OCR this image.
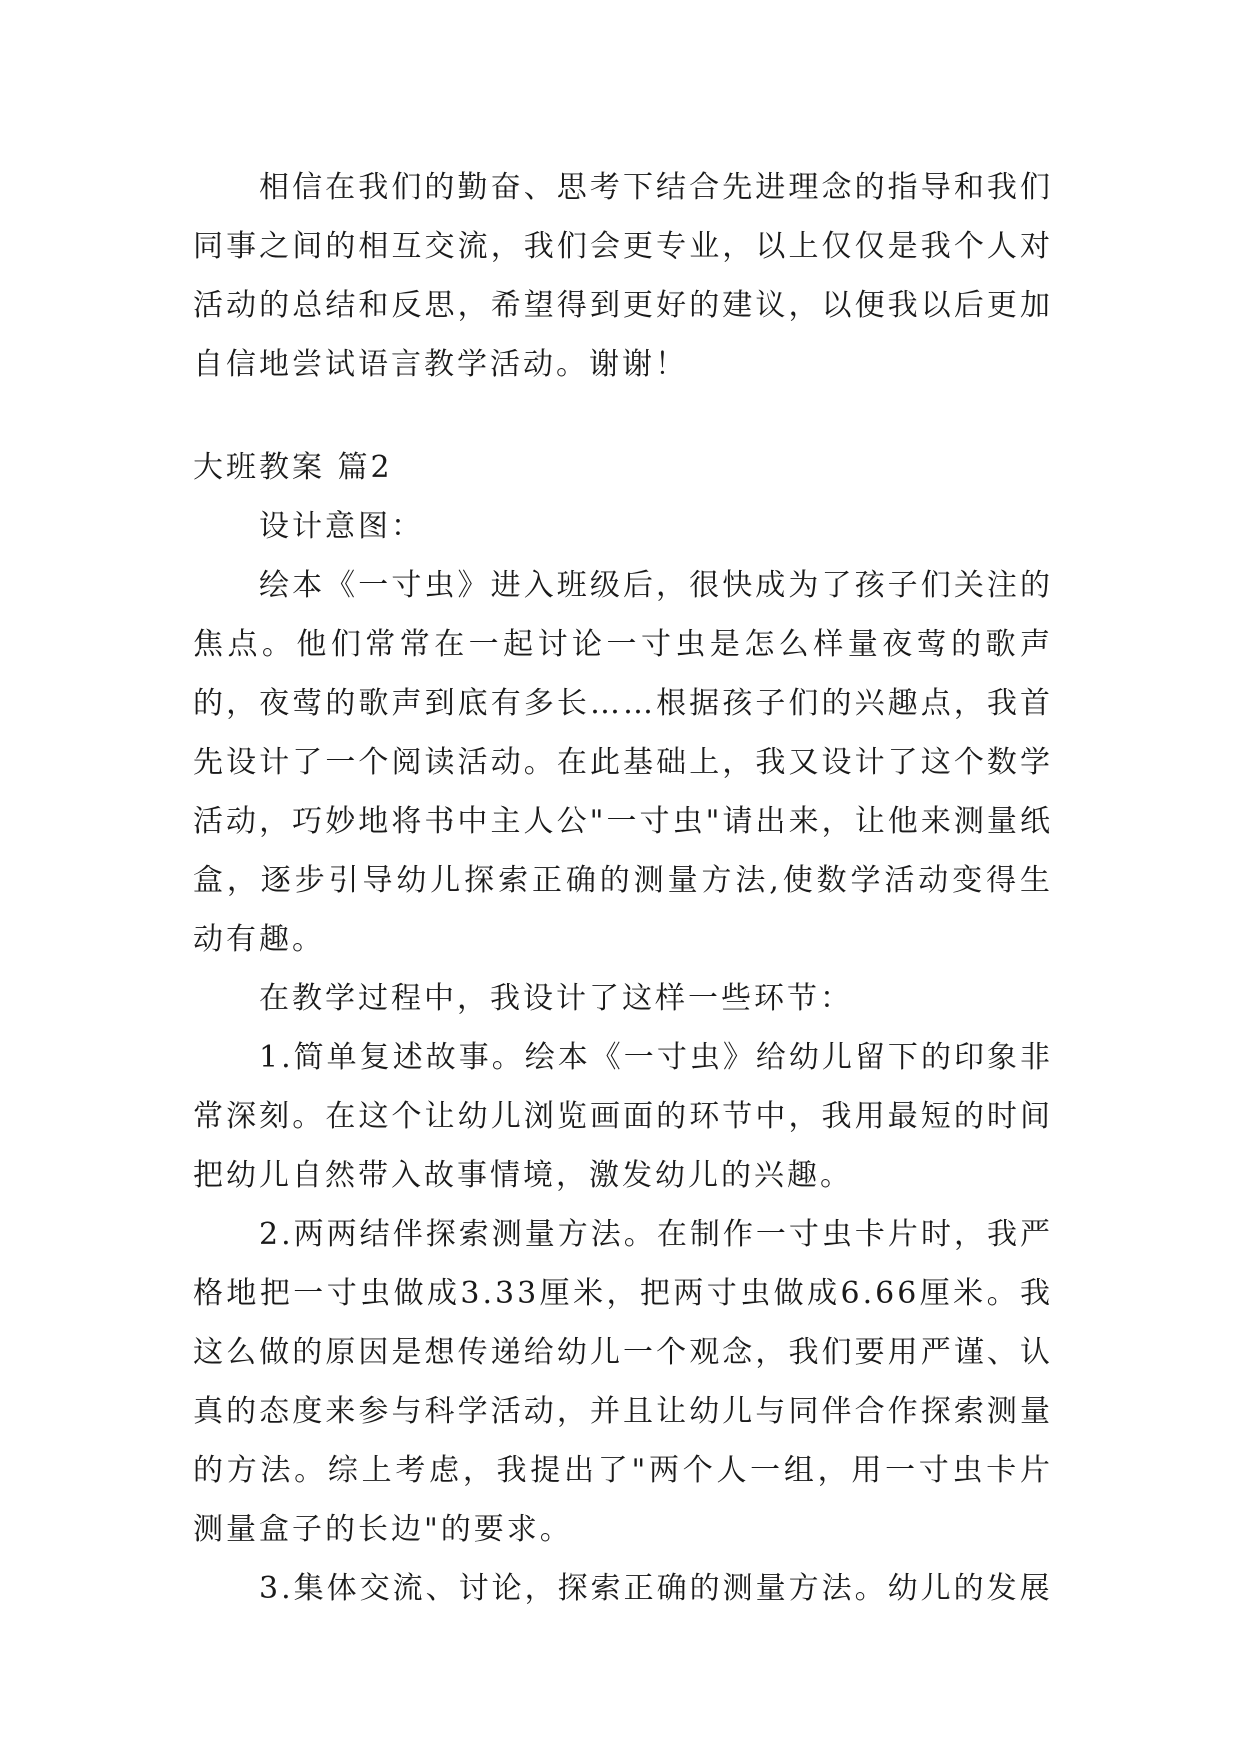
相信在我们的勤奋、思考下结合先进理念的指导和我们同事之间的相互交流，我们会更专业，以上仅仅是我个人对活动的总结和反思，希望得到更好的建议，以便我以后更加自信地尝试语言教学活动。谢谢！

大班教案 篇2

设计意图：

绘本《一寸虫》进入班级后，很快成为了孩子们关注的焦点。他们常常在一起讨论一寸虫是怎么样量夜莺的歌声的，夜莺的歌声到底有多长……根据孩子们的兴趣点，我首先设计了一个阅读活动。在此基础上，我又设计了这个数学活动，巧妙地将书中主人公"一寸虫"请出来，让他来测量纸盒，逐步引导幼儿探索正确的测量方法,使数学活动变得生动有趣。

在教学过程中，我设计了这样一些环节：

1.简单复述故事。绘本《一寸虫》给幼儿留下的印象非常深刻。在这个让幼儿浏览画面的环节中，我用最短的时间把幼儿自然带入故事情境，激发幼儿的兴趣。

2.两两结伴探索测量方法。在制作一寸虫卡片时，我严格地把一寸虫做成3.33厘米，把两寸虫做成6.66厘米。我这么做的原因是想传递给幼儿一个观念，我们要用严谨、认真的态度来参与科学活动，并且让幼儿与同伴合作探索测量的方法。综上考虑，我提出了"两个人一组，用一寸虫卡片测量盒子的长边"的要求。

3.集体交流、讨论，探索正确的测量方法。幼儿的发展
